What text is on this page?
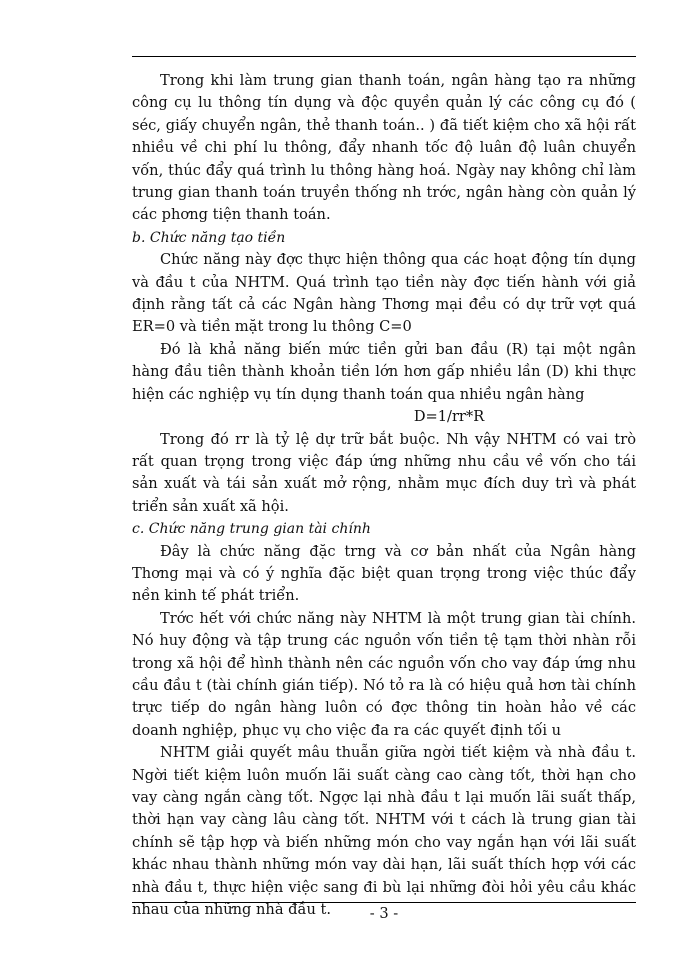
Trong khi làm trung gian thanh toán, ngân hàng tạo ra những công cụ lu thông tín dụng và độc quyền quản lý các công cụ đó ( séc, giấy chuyển ngân, thẻ thanh toán.. ) đã tiết kiệm cho xã hội rất nhiều về chi phí lu thông, đẩy nhanh tốc độ luân độ luân chuyển vốn, thúc đẩy quá trình lu thông hàng hoá. Ngày nay không chỉ làm trung gian thanh toán truyền thống nh trớc, ngân hàng còn quản lý các phơng tiện thanh toán.

b. Chức năng tạo tiền

Chức năng này đợc thực hiện thông qua các hoạt động tín dụng và đầu t của NHTM. Quá trình tạo tiền này đợc tiến hành với giả định rằng tất cả các Ngân hàng Thơng mại đều có dự trữ vợt quá ER=0 và tiền mặt trong lu thông C=0

Đó là khả năng biến mức tiền gửi ban đầu (R) tại một ngân hàng đầu tiên thành khoản tiền lớn hơn gấp nhiều lần (D) khi thực hiện các nghiệp vụ tín dụng thanh toán qua nhiều ngân hàng

D=1/rr*R

Trong đó rr là tỷ lệ dự trữ bắt buộc. Nh vậy NHTM có vai trò rất quan trọng trong việc đáp ứng những nhu cầu về vốn cho tái sản xuất và tái sản xuất mở rộng, nhằm mục đích duy trì và phát triển sản xuất xã hội.

c. Chức năng trung gian tài chính

Đây là chức năng đặc trng và cơ bản nhất của Ngân hàng Thơng mại và có ý nghĩa đặc biệt quan trọng trong việc thúc đẩy nền kinh tế phát triển.

Trớc hết với chức năng này NHTM là một trung gian tài chính. Nó huy động và tập trung các nguồn vốn tiền tệ tạm thời nhàn rỗi trong xã hội để hình thành nên các nguồn vốn cho vay đáp ứng nhu cầu đầu t (tài chính gián tiếp). Nó tỏ ra là có hiệu quả hơn tài chính trực tiếp do ngân hàng luôn có đợc thông tin hoàn hảo về các doanh nghiệp, phục vụ cho việc đa ra các quyết định tối u

NHTM giải quyết mâu thuẫn giữa ngời tiết kiệm và nhà đầu t. Ngời tiết kiệm luôn muốn lãi suất càng cao càng tốt, thời hạn cho vay càng ngắn càng tốt. Ngợc lại nhà đầu t lại muốn lãi suất thấp, thời hạn vay càng lâu càng tốt. NHTM với t cách là trung gian tài chính sẽ tập hợp và biến những món cho vay ngắn hạn với lãi suất khác nhau thành những món vay dài hạn, lãi suất thích hợp với các nhà đầu t, thực hiện việc sang đi bù lại những đòi hỏi yêu cầu khác nhau của những nhà đầu t.	- 3 -
